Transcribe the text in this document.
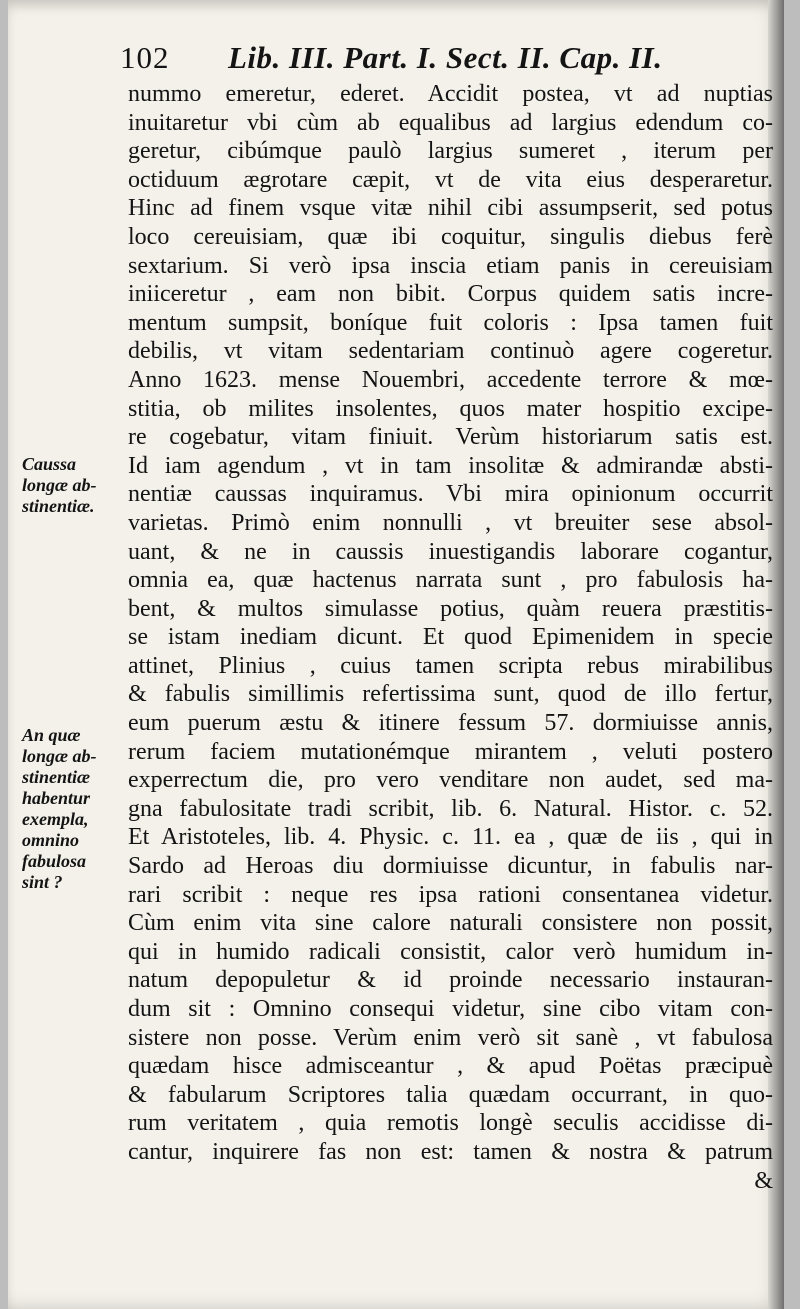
102 Lib. III. Part. I. Sect. II. Cap. II.
nummo emeretur, ederet. Accidit postea, vt ad nuptias
inuitaretur vbi cùm ab equalibus ad largius edendum co-
geretur, cibúmque paulò largius sumeret , iterum per
octiduum ægrotare cæpit, vt de vita eius desperaretur.
Hinc ad finem vsque vitæ nihil cibi assumpserit, sed potus
loco cereuisiam, quæ ibi coquitur, singulis diebus ferè
sextarium. Si verò ipsa inscia etiam panis in cereuisiam
iniiceretur , eam non bibit. Corpus quidem satis incre-
mentum sumpsit, boníque fuit coloris : Ipsa tamen fuit
debilis, vt vitam sedentariam continuò agere cogeretur.
Anno 1623. mense Nouembri, accedente terrore & mœ-
stitia, ob milites insolentes, quos mater hospitio excipe-
re cogebatur, vitam finiuit. Verùm historiarum satis est.
Id iam agendum , vt in tam insolitæ & admirandæ absti-
nentiæ caussas inquiramus. Vbi mira opinionum occurrit
varietas. Primò enim nonnulli , vt breuiter sese absol-
uant, & ne in caussis inuestigandis laborare cogantur,
omnia ea, quæ hactenus narrata sunt , pro fabulosis ha-
bent, & multos simulasse potius, quàm reuera præstitis-
se istam inediam dicunt. Et quod Epimenidem in specie
attinet, Plinius , cuius tamen scripta rebus mirabilibus
& fabulis simillimis refertissima sunt, quod de illo fertur,
eum puerum æstu & itinere fessum 57. dormiuisse annis,
rerum faciem mutationémque mirantem , veluti postero
experrectum die, pro vero venditare non audet, sed ma-
gna fabulositate tradi scribit, lib. 6. Natural. Histor. c. 52.
Et Aristoteles, lib. 4. Physic. c. 11. ea , quæ de iis , qui in
Sardo ad Heroas diu dormiuisse dicuntur, in fabulis nar-
rari scribit : neque res ipsa rationi consentanea videtur.
Cùm enim vita sine calore naturali consistere non possit,
qui in humido radicali consistit, calor verò humidum in-
natum depopuletur & id proinde necessario instauran-
dum sit : Omnino consequi videtur, sine cibo vitam con-
sistere non posse. Verùm enim verò sit sanè , vt fabulosa
quædam hisce admisceantur , & apud Poëtas præcipuè
& fabularum Scriptores talia quædam occurrant, in quo-
rum veritatem , quia remotis longè seculis accidisse di-
cantur, inquirere fas non est: tamen & nostra & patrum
&
Caussa
longæ ab-
stinentiæ.
An quæ
longæ ab-
stinentiæ
habentur
exempla,
omnino
fabulosa
sint ?
